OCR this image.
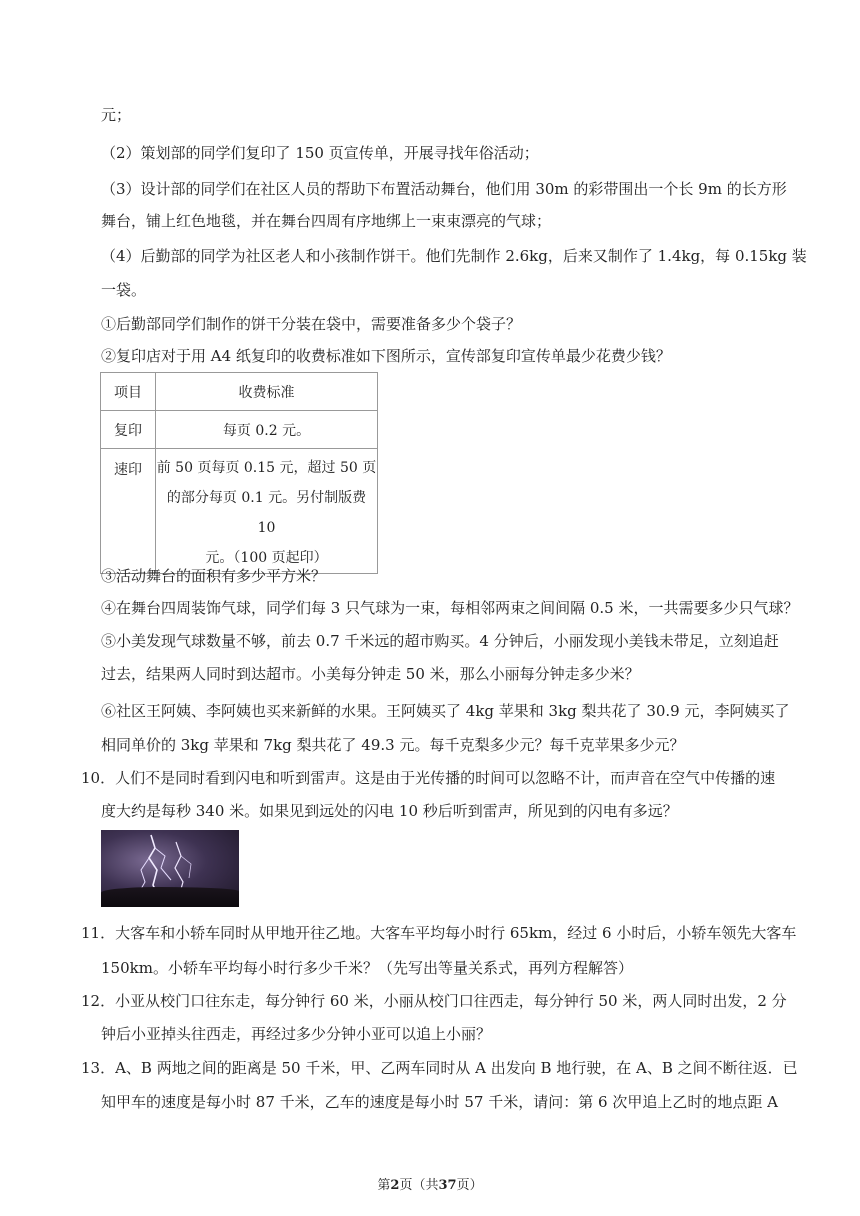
元；
（2）策划部的同学们复印了 150 页宣传单，开展寻找年俗活动；
（3）设计部的同学们在社区人员的帮助下布置活动舞台，他们用 30m 的彩带围出一个长 9m 的长方形
舞台，铺上红色地毯，并在舞台四周有序地绑上一束束漂亮的气球；
（4）后勤部的同学为社区老人和小孩制作饼干。他们先制作 2.6kg，后来又制作了 1.4kg，每 0.15kg 装
一袋。
①后勤部同学们制作的饼干分装在袋中，需要准备多少个袋子？
②复印店对于用 A4 纸复印的收费标准如下图所示，宣传部复印宣传单最少花费少钱？
项目	收费标准
复印	每页 0.2 元。
速印	前 50 页每页 0.15 元，超过 50 页
的部分每页 0.1 元。另付制版费 10
元。（100 页起印）
③活动舞台的面积有多少平方米？
④在舞台四周装饰气球，同学们每 3 只气球为一束，每相邻两束之间间隔 0.5 米，一共需要多少只气球？
⑤小美发现气球数量不够，前去 0.7 千米远的超市购买。4 分钟后，小丽发现小美钱未带足，立刻追赶
过去，结果两人同时到达超市。小美每分钟走 50 米，那么小丽每分钟走多少米？
⑥社区王阿姨、李阿姨也买来新鲜的水果。王阿姨买了 4kg 苹果和 3kg 梨共花了 30.9 元，李阿姨买了
相同单价的 3kg 苹果和 7kg 梨共花了 49.3 元。每千克梨多少元？每千克苹果多少元？
10．人们不是同时看到闪电和听到雷声。这是由于光传播的时间可以忽略不计，而声音在空气中传播的速
度大约是每秒 340 米。如果见到远处的闪电 10 秒后听到雷声，所见到的闪电有多远？
11．大客车和小轿车同时从甲地开往乙地。大客车平均每小时行 65km，经过 6 小时后，小轿车领先大客车
150km。小轿车平均每小时行多少千米？（先写出等量关系式，再列方程解答）
12．小亚从校门口往东走，每分钟行 60 米，小丽从校门口往西走，每分钟行 50 米，两人同时出发，2 分
钟后小亚掉头往西走，再经过多少分钟小亚可以追上小丽？
13．A、B 两地之间的距离是 50 千米，甲、乙两车同时从 A 出发向 B 地行驶，在 A、B 之间不断往返．已
知甲车的速度是每小时 87 千米，乙车的速度是每小时 57 千米，请问：第 6 次甲追上乙时的地点距 A
第2页（共37页）
